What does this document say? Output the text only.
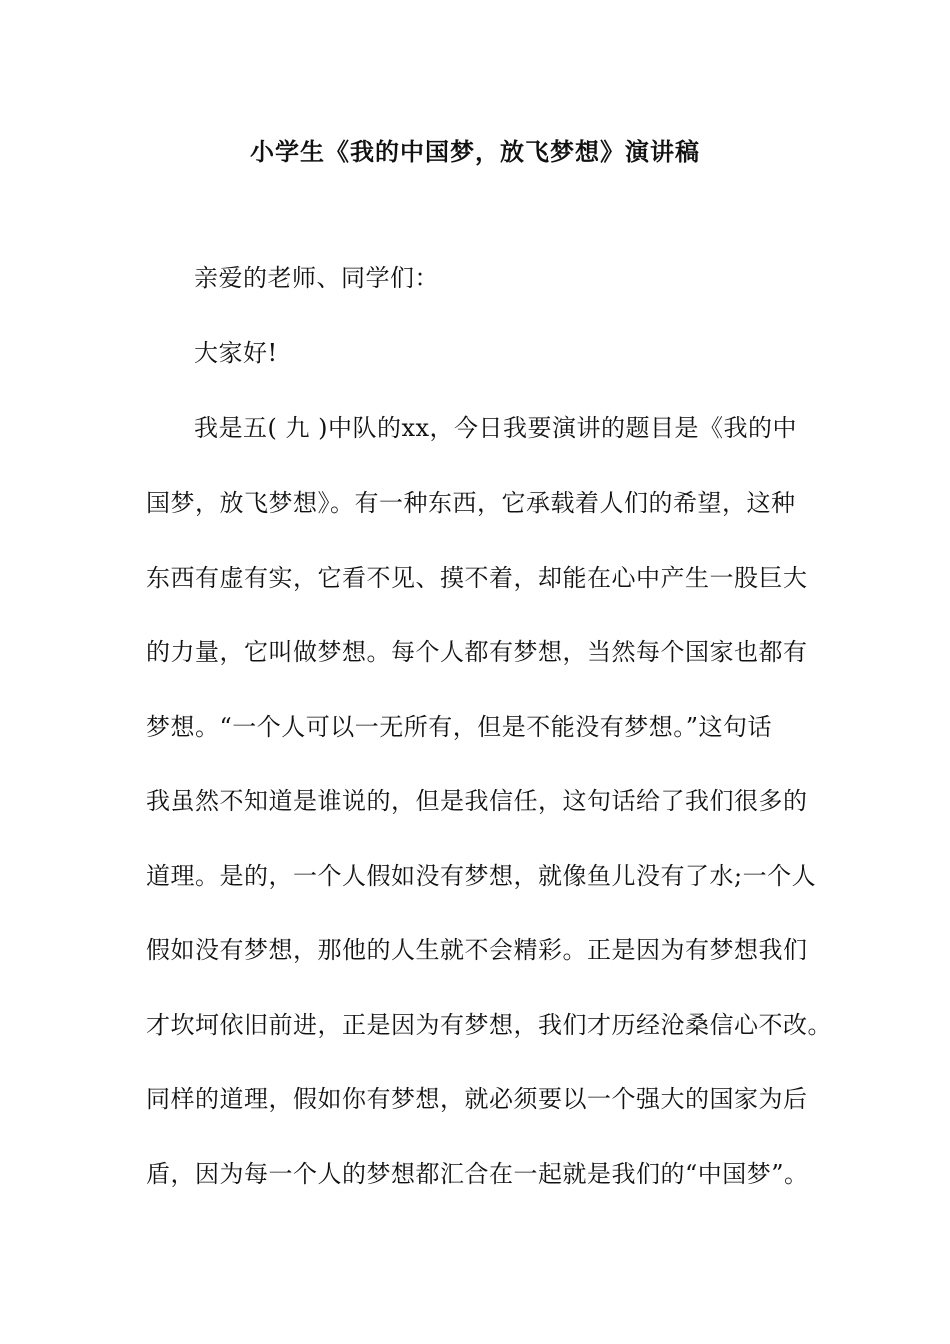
小学生《我的中国梦，放飞梦想》演讲稿
亲爱的老师、同学们：
大家好!
我是五( 九 )中队的xx，今日我要演讲的题目是《我的中
国梦，放飞梦想》。有一种东西，它承载着人们的希望，这种
东西有虚有实，它看不见、摸不着，却能在心中产生一股巨大
的力量，它叫做梦想。每个人都有梦想，当然每个国家也都有
梦想。“一个人可以一无所有，但是不能没有梦想。”这句话
我虽然不知道是谁说的，但是我信任，这句话给了我们很多的
道理。是的，一个人假如没有梦想，就像鱼儿没有了水;一个人
假如没有梦想，那他的人生就不会精彩。正是因为有梦想我们
才坎坷依旧前进，正是因为有梦想，我们才历经沧桑信心不改。
同样的道理，假如你有梦想，就必须要以一个强大的国家为后
盾，因为每一个人的梦想都汇合在一起就是我们的“中国梦”。
